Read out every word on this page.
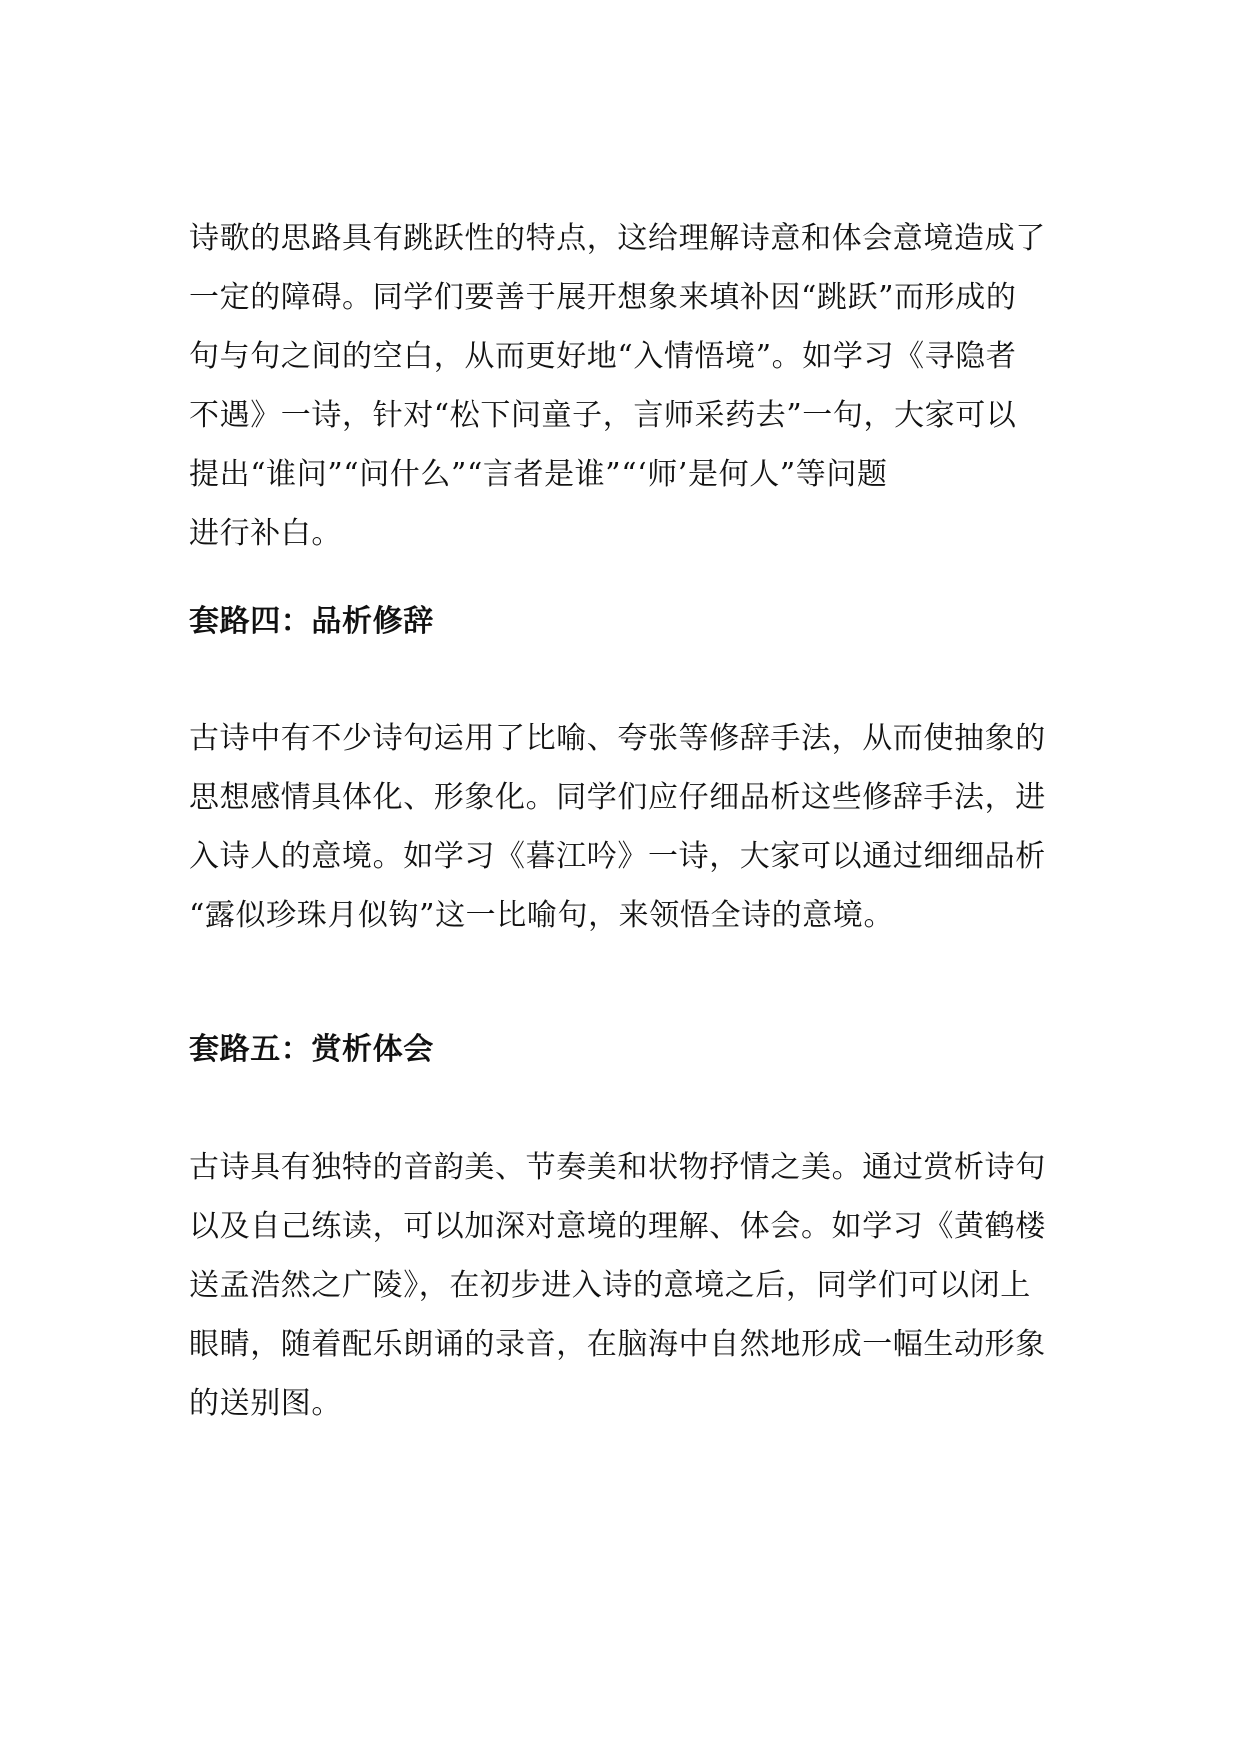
诗歌的思路具有跳跃性的特点，这给理解诗意和体会意境造成了
一定的障碍。同学们要善于展开想象来填补因“跳跃”而形成的
句与句之间的空白，从而更好地“入情悟境”。如学习《寻隐者
不遇》一诗，针对“松下问童子，言师采药去”一句，大家可以
提出“谁问”“问什么”“言者是谁”“‘师’是何人”等问题
进行补白。
套路四：品析修辞
古诗中有不少诗句运用了比喻、夸张等修辞手法，从而使抽象的
思想感情具体化、形象化。同学们应仔细品析这些修辞手法，进
入诗人的意境。如学习《暮江吟》一诗，大家可以通过细细品析
“露似珍珠月似钩”这一比喻句，来领悟全诗的意境。
套路五：赏析体会
古诗具有独特的音韵美、节奏美和状物抒情之美。通过赏析诗句
以及自己练读，可以加深对意境的理解、体会。如学习《黄鹤楼
送孟浩然之广陵》，在初步进入诗的意境之后，同学们可以闭上
眼睛，随着配乐朗诵的录音，在脑海中自然地形成一幅生动形象
的送别图。
